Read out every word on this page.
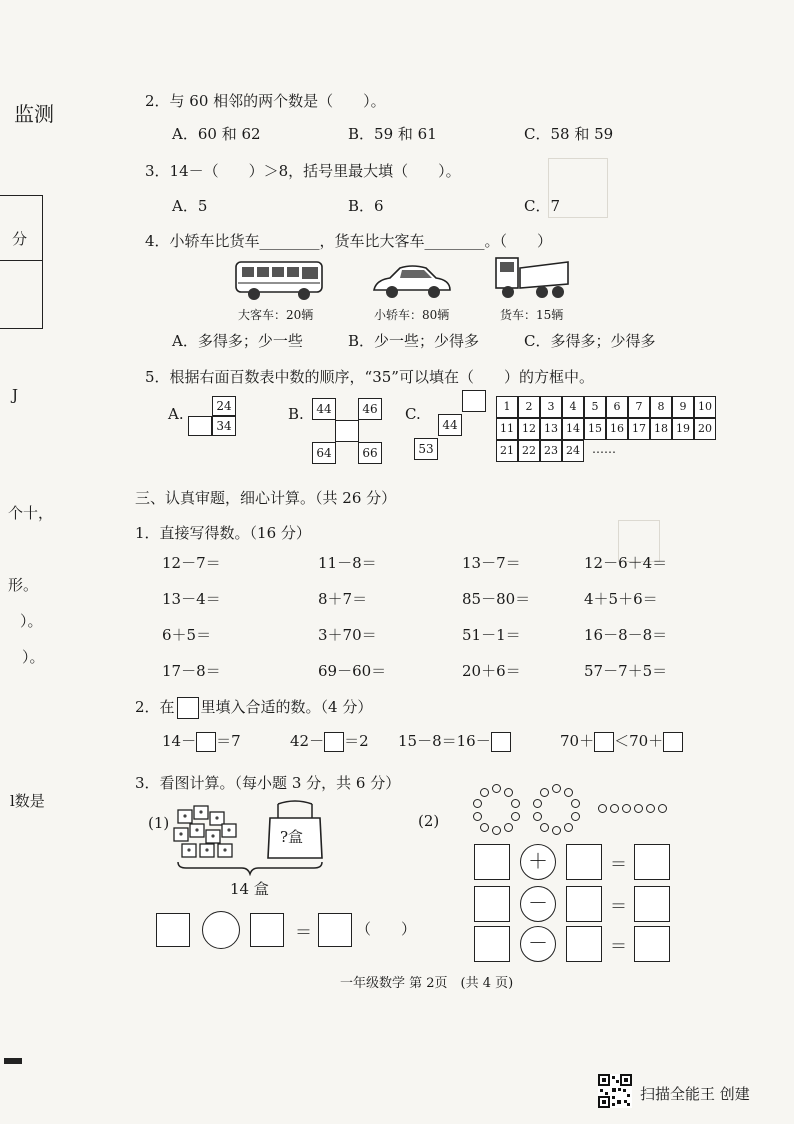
监测
分
J
个十，
形。
）。
）。
l数是
2．与 60 相邻的两个数是（　　）。
A．60 和 62	B．59 和 61	C．58 和 59
3．14－（　　）＞8，括号里最大填（　　）。
A．5	B．6	C．7
4．小轿车比货车________，货车比大客车________。（　　）
大客车：20辆	小轿车：80辆	货车：15辆
A．多得多；少一些	B．少一些；少得多	C．多得多；少得多
5．根据右面百数表中数的顺序，“35”可以填在（　　）的方框中。
A.	24
34
B.	44	46
64	66
C.
44
53
1	2	3	4	5	6	7	8	9	10
11 12 13 14 15 16 17 18 19 20
21 22 23 24	……
三、认真审题，细心计算。（共 26 分）
1．直接写得数。（16 分）
12－7＝	11－8＝	13－7＝	12－6＋4＝
13－4＝	8＋7＝	85－80＝	4＋5＋6＝
6＋5＝	3＋70＝	51－1＝	16－8－8＝
17－8＝	69－60＝	20＋6＝	57－7＋5＝
2．在 里填入合适的数。（4 分）
14－ ＝7	42－ ＝2 15－8＝16－	70＋ ＜70＋
3．看图计算。（每小题 3 分，共 6 分）
(1)
?盒
14 盒
＝	（　　）
(2)
＋	＝
－	＝
－	＝
一年级数学 第 2页　(共 4 页)
扫描全能王 创建
